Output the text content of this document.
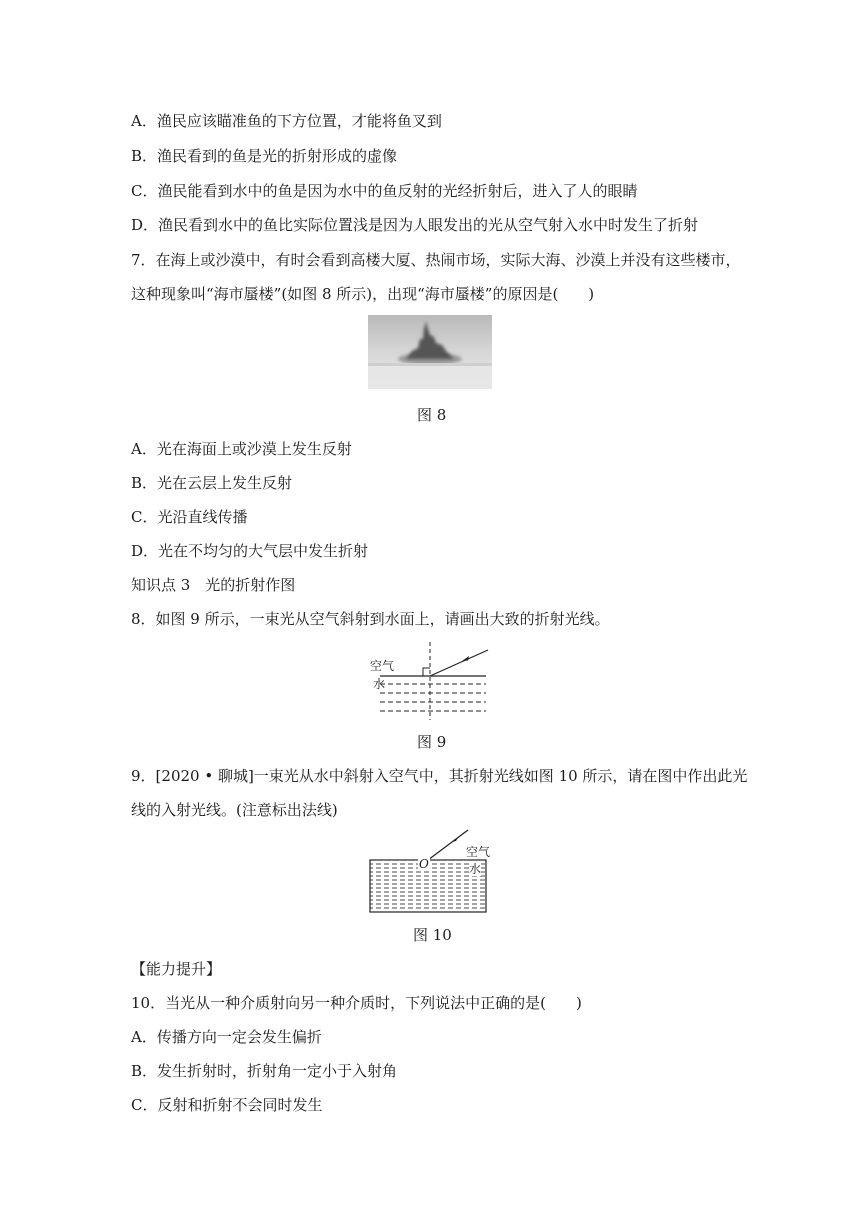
A．渔民应该瞄准鱼的下方位置，才能将鱼叉到
B．渔民看到的鱼是光的折射形成的虚像
C．渔民能看到水中的鱼是因为水中的鱼反射的光经折射后，进入了人的眼睛
D．渔民看到水中的鱼比实际位置浅是因为人眼发出的光从空气射入水中时发生了折射
7．在海上或沙漠中，有时会看到高楼大厦、热闹市场，实际大海、沙漠上并没有这些楼市，
这种现象叫“海市蜃楼”(如图 8 所示)，出现“海市蜃楼”的原因是(　　)
图 8
A．光在海面上或沙漠上发生反射
B．光在云层上发生反射
C．光沿直线传播
D．光在不均匀的大气层中发生折射
知识点 3　光的折射作图
8．如图 9 所示，一束光从空气斜射到水面上，请画出大致的折射光线。
空气
水
图 9
9．[2020 • 聊城]一束光从水中斜射入空气中，其折射光线如图 10 所示，请在图中作出此光
线的入射光线。(注意标出法线)
空气
O	水
图 10
【能力提升】
10．当光从一种介质射向另一种介质时，下列说法中正确的是(　　)
A．传播方向一定会发生偏折
B．发生折射时，折射角一定小于入射角
C．反射和折射不会同时发生
